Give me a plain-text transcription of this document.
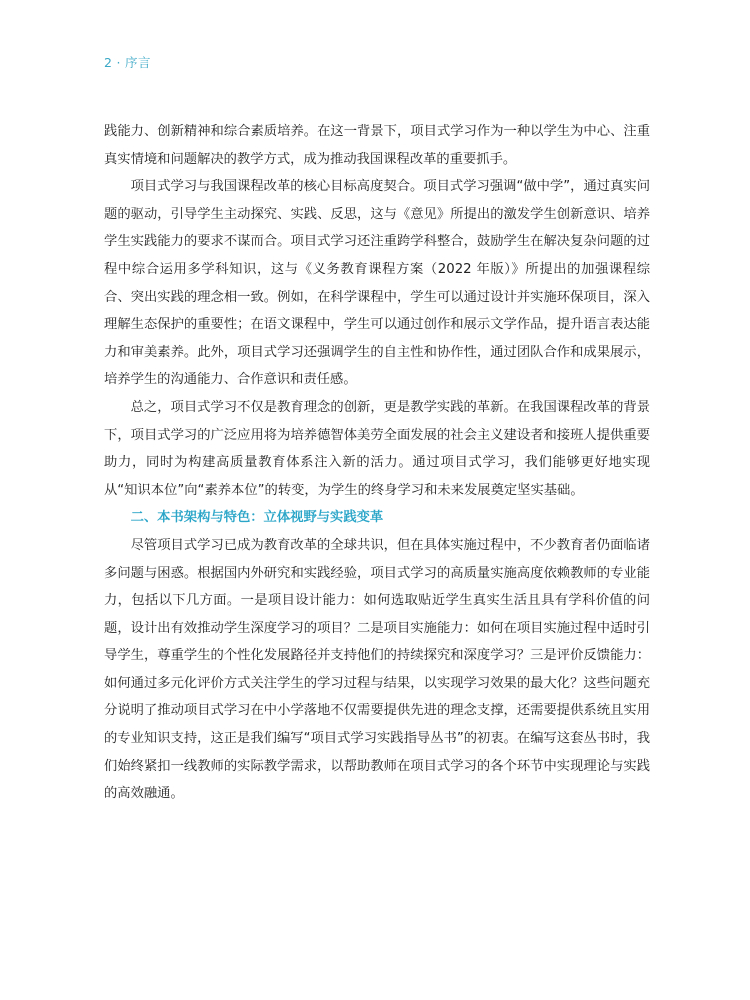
2 · 序言

践能力、创新精神和综合素质培养。在这一背景下，项目式学习作为一种以学生为中心、注重真实情境和问题解决的教学方式，成为推动我国课程改革的重要抓手。

项目式学习与我国课程改革的核心目标高度契合。项目式学习强调“做中学”，通过真实问题的驱动，引导学生主动探究、实践、反思，这与《意见》所提出的激发学生创新意识、培养学生实践能力的要求不谋而合。项目式学习还注重跨学科整合，鼓励学生在解决复杂问题的过程中综合运用多学科知识，这与《义务教育课程方案（2022 年版）》所提出的加强课程综合、突出实践的理念相一致。例如，在科学课程中，学生可以通过设计并实施环保项目，深入理解生态保护的重要性；在语文课程中，学生可以通过创作和展示文学作品，提升语言表达能力和审美素养。此外，项目式学习还强调学生的自主性和协作性，通过团队合作和成果展示，培养学生的沟通能力、合作意识和责任感。

总之，项目式学习不仅是教育理念的创新，更是教学实践的革新。在我国课程改革的背景下，项目式学习的广泛应用将为培养德智体美劳全面发展的社会主义建设者和接班人提供重要助力，同时为构建高质量教育体系注入新的活力。通过项目式学习，我们能够更好地实现从“知识本位”向“素养本位”的转变，为学生的终身学习和未来发展奠定坚实基础。

二、本书架构与特色：立体视野与实践变革

尽管项目式学习已成为教育改革的全球共识，但在具体实施过程中，不少教育者仍面临诸多问题与困惑。根据国内外研究和实践经验，项目式学习的高质量实施高度依赖教师的专业能力，包括以下几方面。一是项目设计能力：如何选取贴近学生真实生活且具有学科价值的问题，设计出有效推动学生深度学习的项目？二是项目实施能力：如何在项目实施过程中适时引导学生，尊重学生的个性化发展路径并支持他们的持续探究和深度学习？三是评价反馈能力：如何通过多元化评价方式关注学生的学习过程与结果，以实现学习效果的最大化？这些问题充分说明了推动项目式学习在中小学落地不仅需要提供先进的理念支撑，还需要提供系统且实用的专业知识支持，这正是我们编写“项目式学习实践指导丛书”的初衷。在编写这套丛书时，我们始终紧扣一线教师的实际教学需求，以帮助教师在项目式学习的各个环节中实现理论与实践的高效融通。
